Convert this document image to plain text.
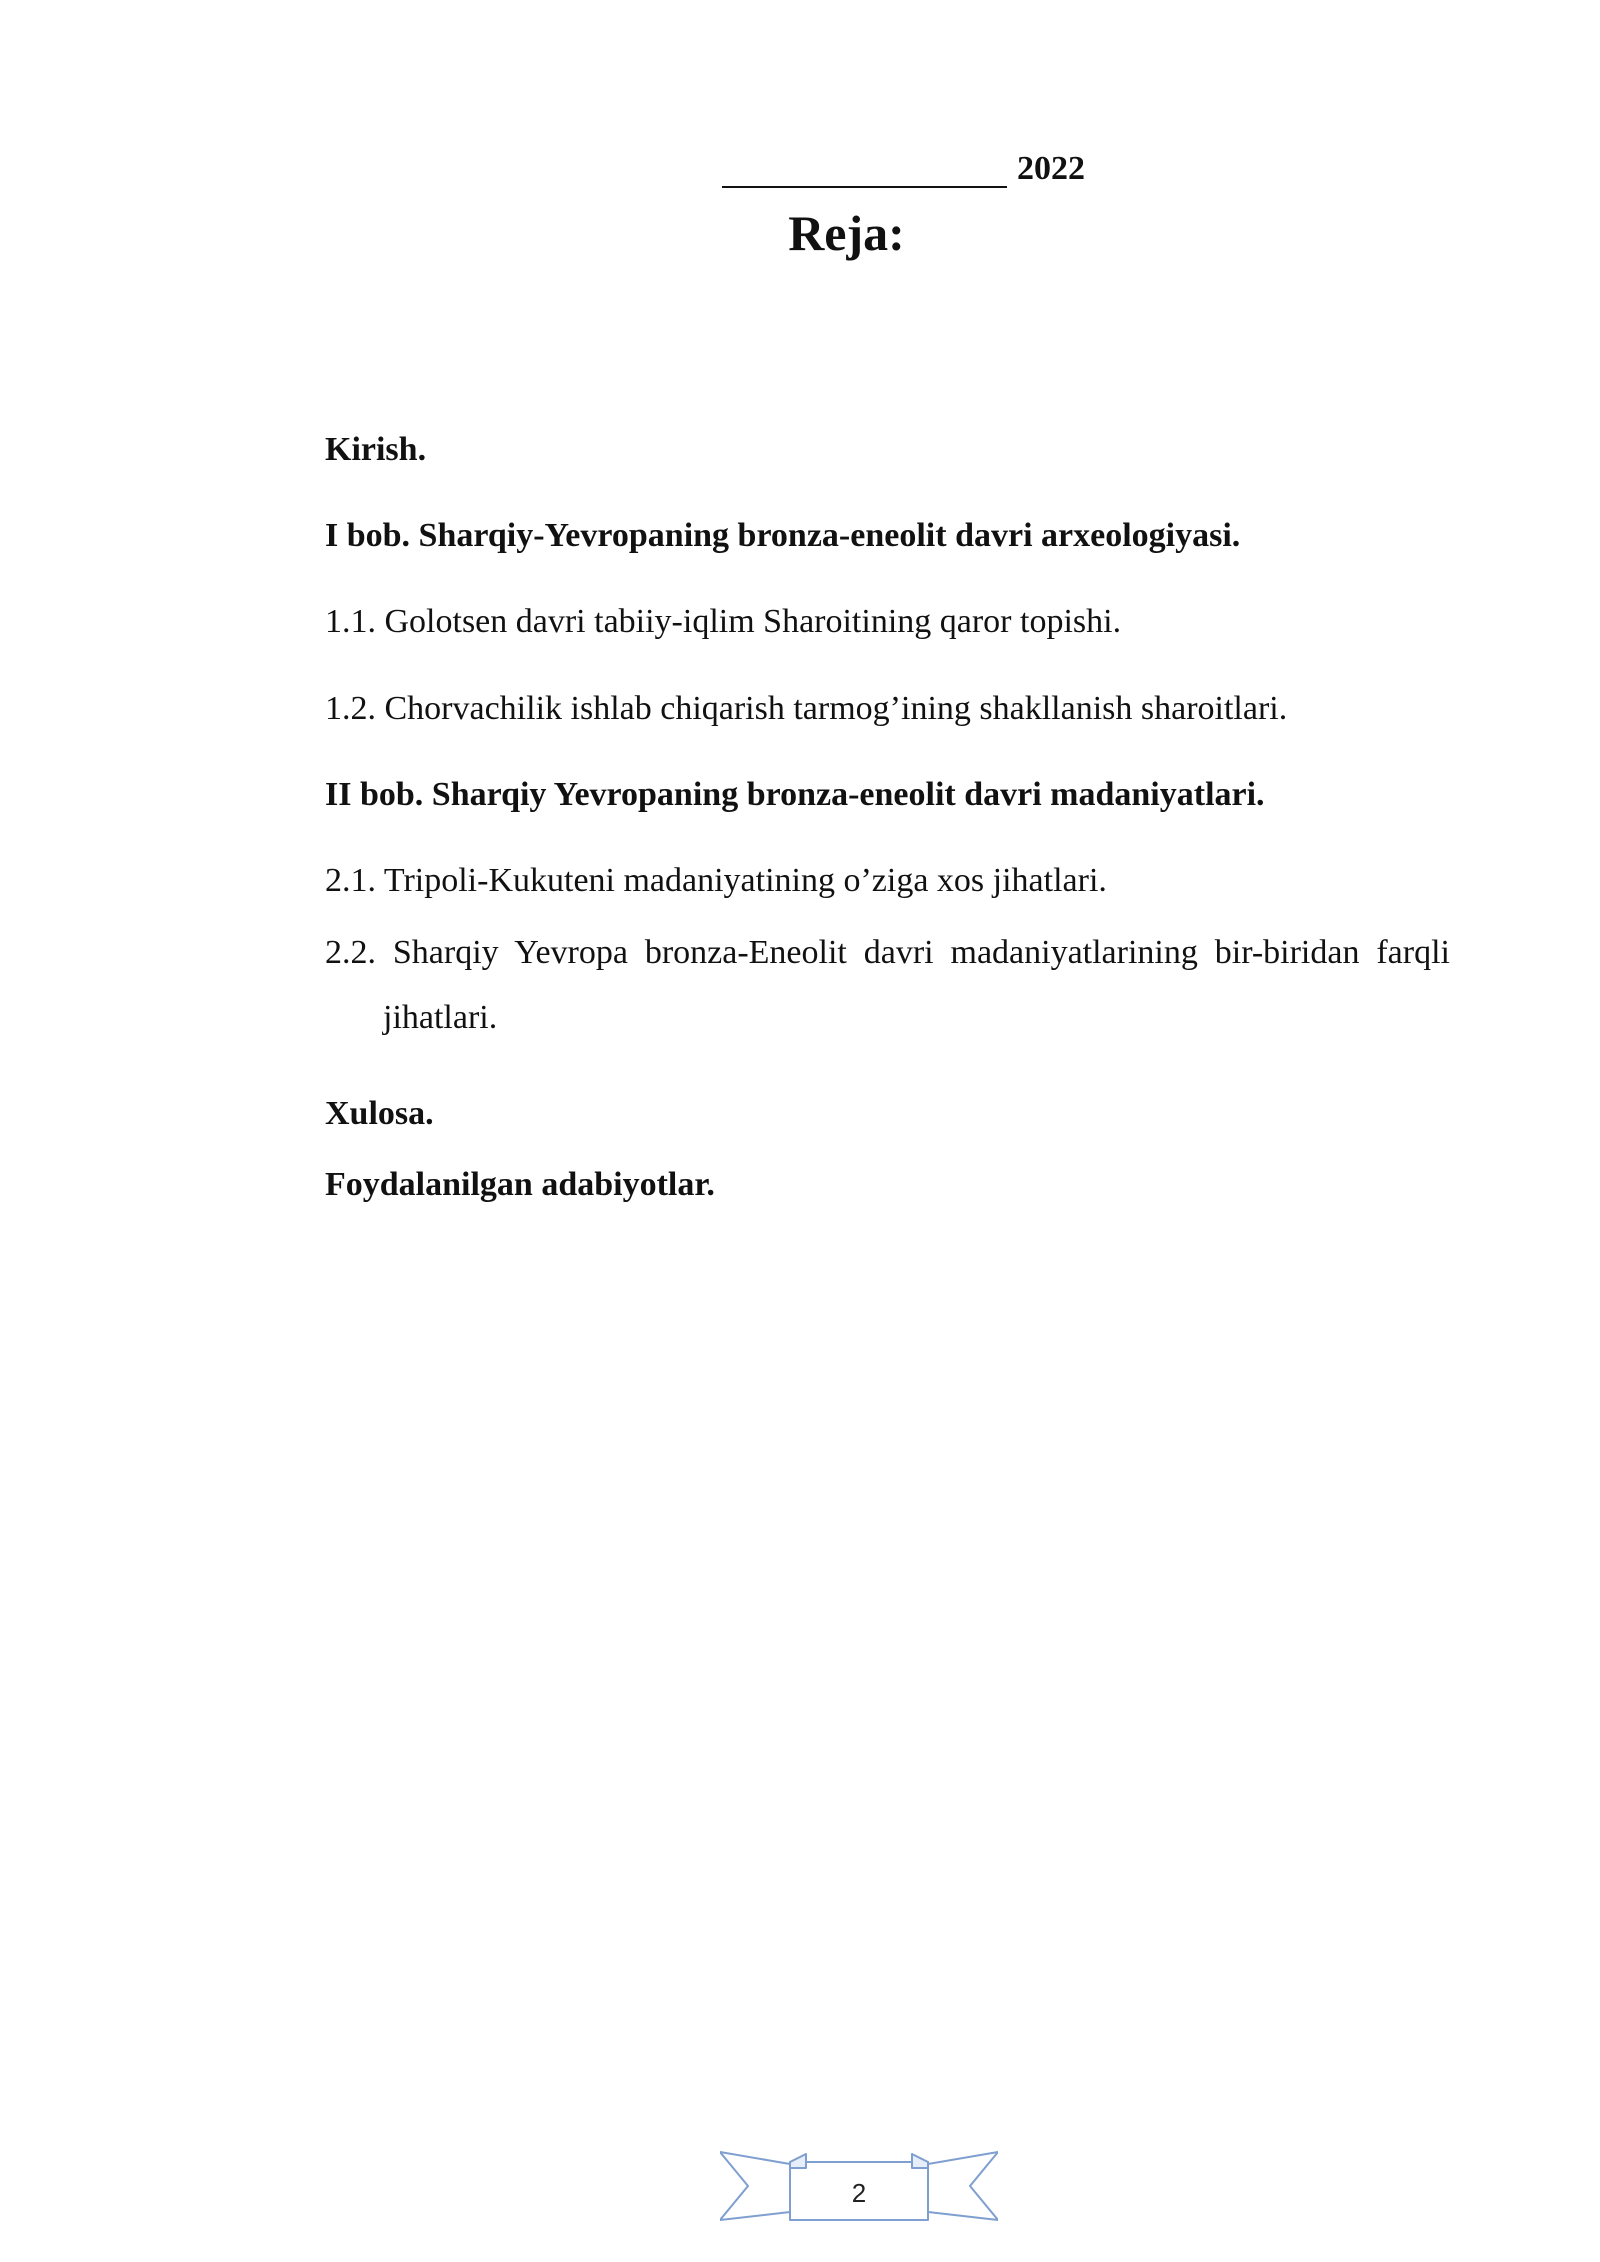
2022
Reja:

Kirish.

I bob. Sharqiy-Yevropaning bronza-eneolit davri arxeologiyasi.

1.1. Golotsen davri tabiiy-iqlim Sharoitining qaror topishi.

1.2. Chorvachilik ishlab chiqarish tarmog’ining shakllanish sharoitlari.

II bob. Sharqiy Yevropaning bronza-eneolit davri madaniyatlari.

2.1. Tripoli-Kukuteni madaniyatining o’ziga xos jihatlari.

2.2. Sharqiy Yevropa bronza-Eneolit davri madaniyatlarining bir-biridan farqli jihatlari.

Xulosa.

Foydalanilgan adabiyotlar.

2
